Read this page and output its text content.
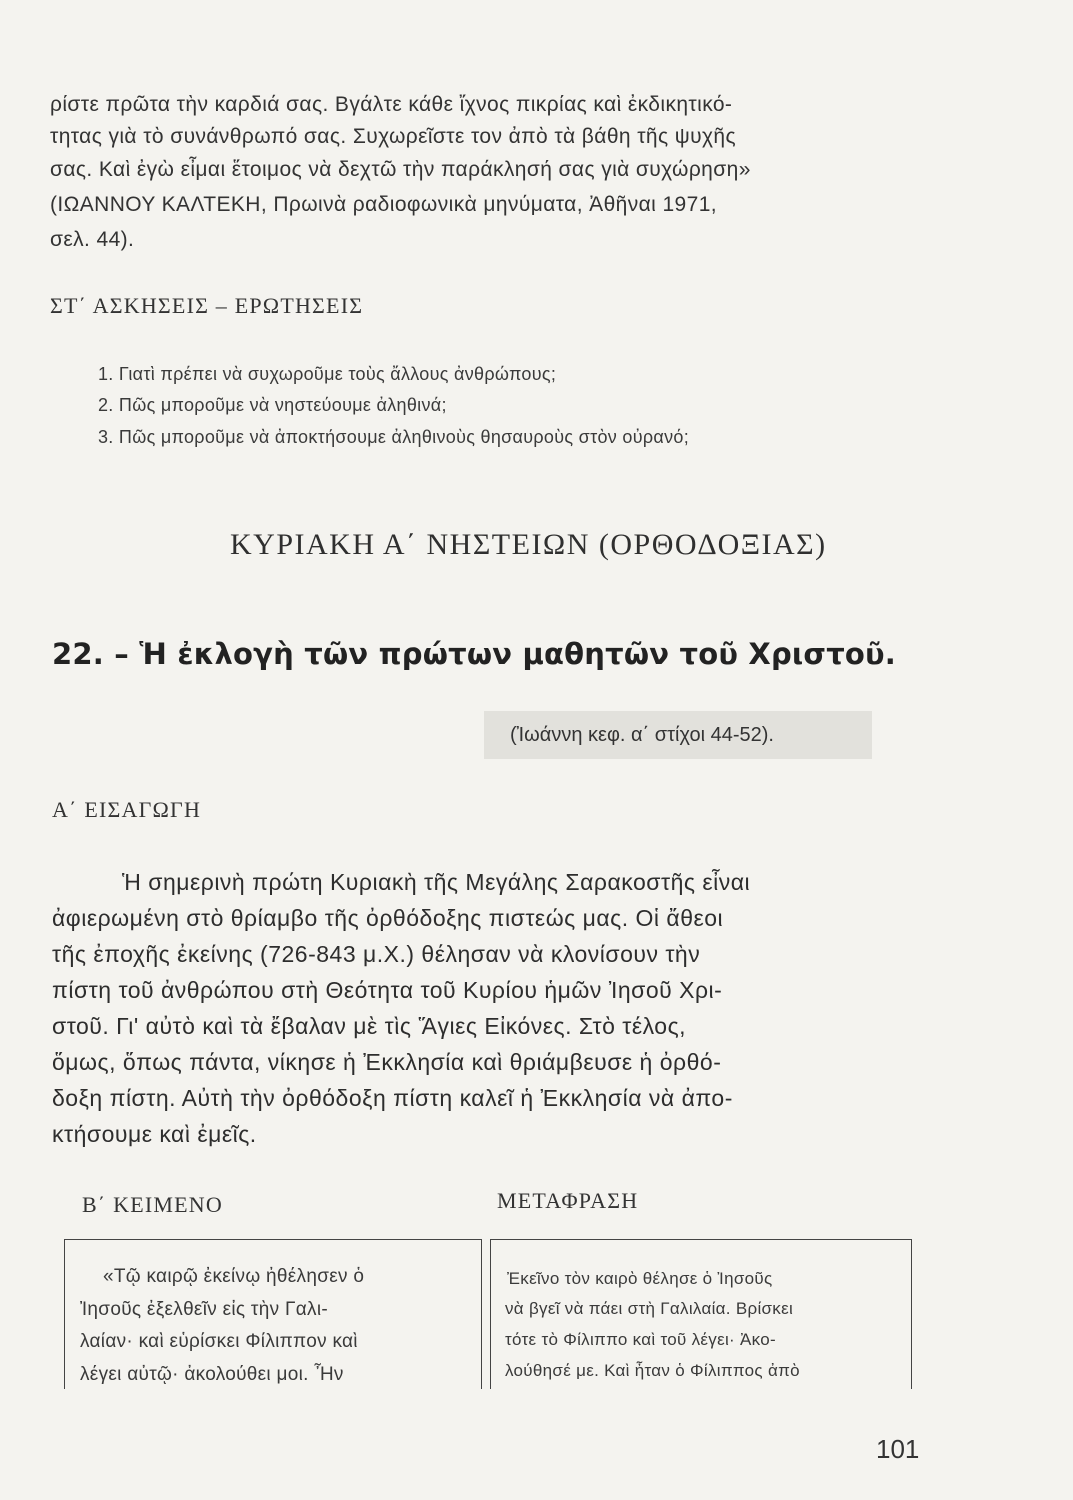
ρίστε πρῶτα τὴν καρδιά σας. Βγάλτε κάθε ἴχνος πικρίας καὶ ἐκδικητικό-
τητας γιὰ τὸ συνάνθρωπό σας. Συχωρεῖστε τον ἀπὸ τὰ βάθη τῆς ψυχῆς
σας. Καὶ ἐγὼ εἶμαι ἕτοιμος νὰ δεχτῶ τὴν παράκλησή σας γιὰ συχώρηση»
(ΙΩΑΝΝΟΥ ΚΑΛΤΕΚΗ, Πρωινὰ ραδιοφωνικὰ μηνύματα, Ἀθῆναι 1971,
σελ. 44).
ΣΤ΄ ΑΣΚΗΣΕΙΣ – ΕΡΩΤΗΣΕΙΣ
1. Γιατὶ πρέπει νὰ συχωροῦμε τοὺς ἄλλους ἀνθρώπους;
2. Πῶς μποροῦμε νὰ νηστεύουμε ἀληθινά;
3. Πῶς μποροῦμε νὰ ἀποκτήσουμε ἀληθινοὺς θησαυροὺς στὸν οὐρανό;
ΚΥΡΙΑΚΗ Α΄ ΝΗΣΤΕΙΩΝ (ΟΡΘΟΔΟΞΙΑΣ)
22. – Ἡ ἐκλογὴ τῶν πρώτων μαθητῶν τοῦ Χριστοῦ.
(Ἰωάννη κεφ. α΄ στίχοι 44-52).
Α΄ ΕΙΣΑΓΩΓΗ
Ἡ σημερινὴ πρώτη Κυριακὴ τῆς Μεγάλης Σαρακοστῆς εἶναι
ἀφιερωμένη στὸ θρίαμβο τῆς ὀρθόδοξης πιστεώς μας. Οἱ ἄθεοι
τῆς ἐποχῆς ἐκείνης (726-843 μ.Χ.) θέλησαν νὰ κλονίσουν τὴν
πίστη τοῦ ἀνθρώπου στὴ Θεότητα τοῦ Κυρίου ἡμῶν Ἰησοῦ Χρι-
στοῦ. Γι' αὐτὸ καὶ τὰ ἔβαλαν μὲ τὶς Ἅγιες Εἰκόνες. Στὸ τέλος,
ὅμως, ὅπως πάντα, νίκησε ἡ Ἐκκλησία καὶ θριάμβευσε ἡ ὀρθό-
δοξη πίστη. Αὐτὴ τὴν ὀρθόδοξη πίστη καλεῖ ἡ Ἐκκλησία νὰ ἀπο-
κτήσουμε καὶ ἐμεῖς.
Β΄ ΚΕΙΜΕΝΟ	ΜΕΤΑΦΡΑΣΗ
«Τῷ καιρῷ ἐκείνῳ ἠθέλησεν ὁ
Ἰησοῦς ἐξελθεῖν εἰς τὴν Γαλι-
λαίαν· καὶ εὑρίσκει Φίλιππον καὶ
λέγει αὐτῷ· ἀκολούθει μοι. Ἦν
Ἐκεῖνο τὸν καιρὸ θέλησε ὁ Ἰησοῦς
νὰ βγεῖ νὰ πάει στὴ Γαλιλαία. Βρίσκει
τότε τὸ Φίλιππο καὶ τοῦ λέγει· Ἀκο-
λούθησέ με. Καὶ ἦταν ὁ Φίλιππος ἀπὸ
101
